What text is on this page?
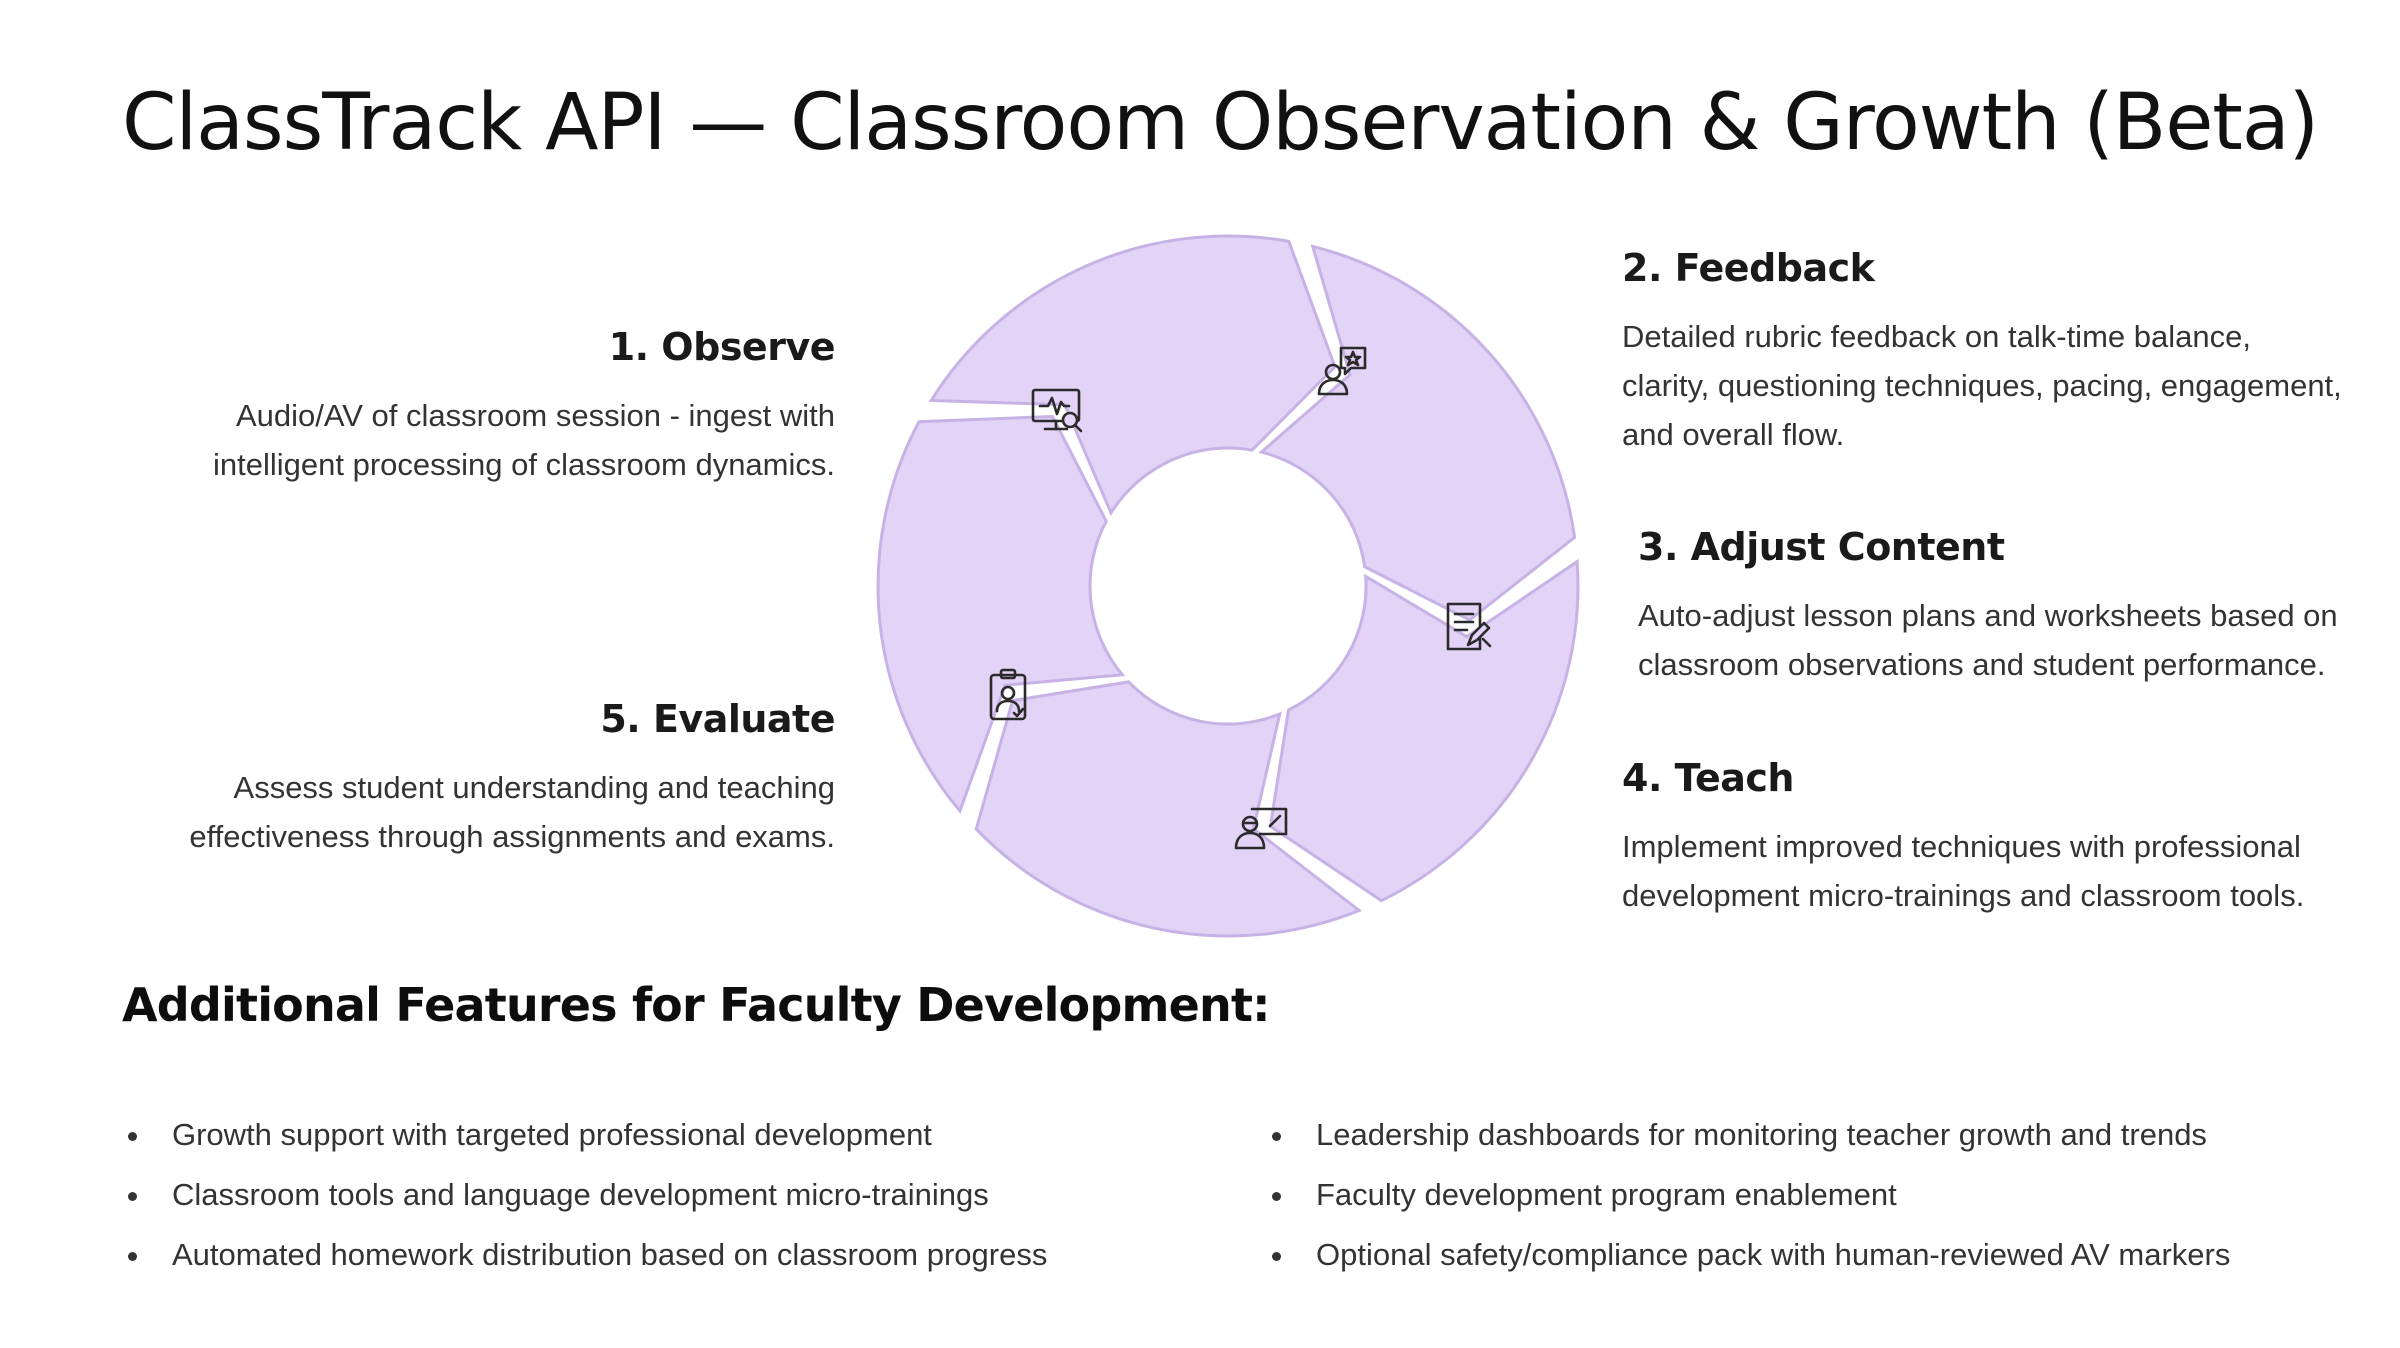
ClassTrack API — Classroom Observation & Growth (Beta)
1. Observe

Audio/AV of classroom session - ingest with intelligent processing of classroom dynamics.

5. Evaluate

Assess student understanding and teaching effectiveness through assignments and exams.

2. Feedback

Detailed rubric feedback on talk-time balance, clarity, questioning techniques, pacing, engagement, and overall flow.

3. Adjust Content

Auto-adjust lesson plans and worksheets based on classroom observations and student performance.

4. Teach

Implement improved techniques with professional development micro-trainings and classroom tools.

Additional Features for Faculty Development:
Growth support with targeted professional development
Classroom tools and language development micro-trainings
Automated homework distribution based on classroom progress
Leadership dashboards for monitoring teacher growth and trends
Faculty development program enablement
Optional safety/compliance pack with human-reviewed AV markers
